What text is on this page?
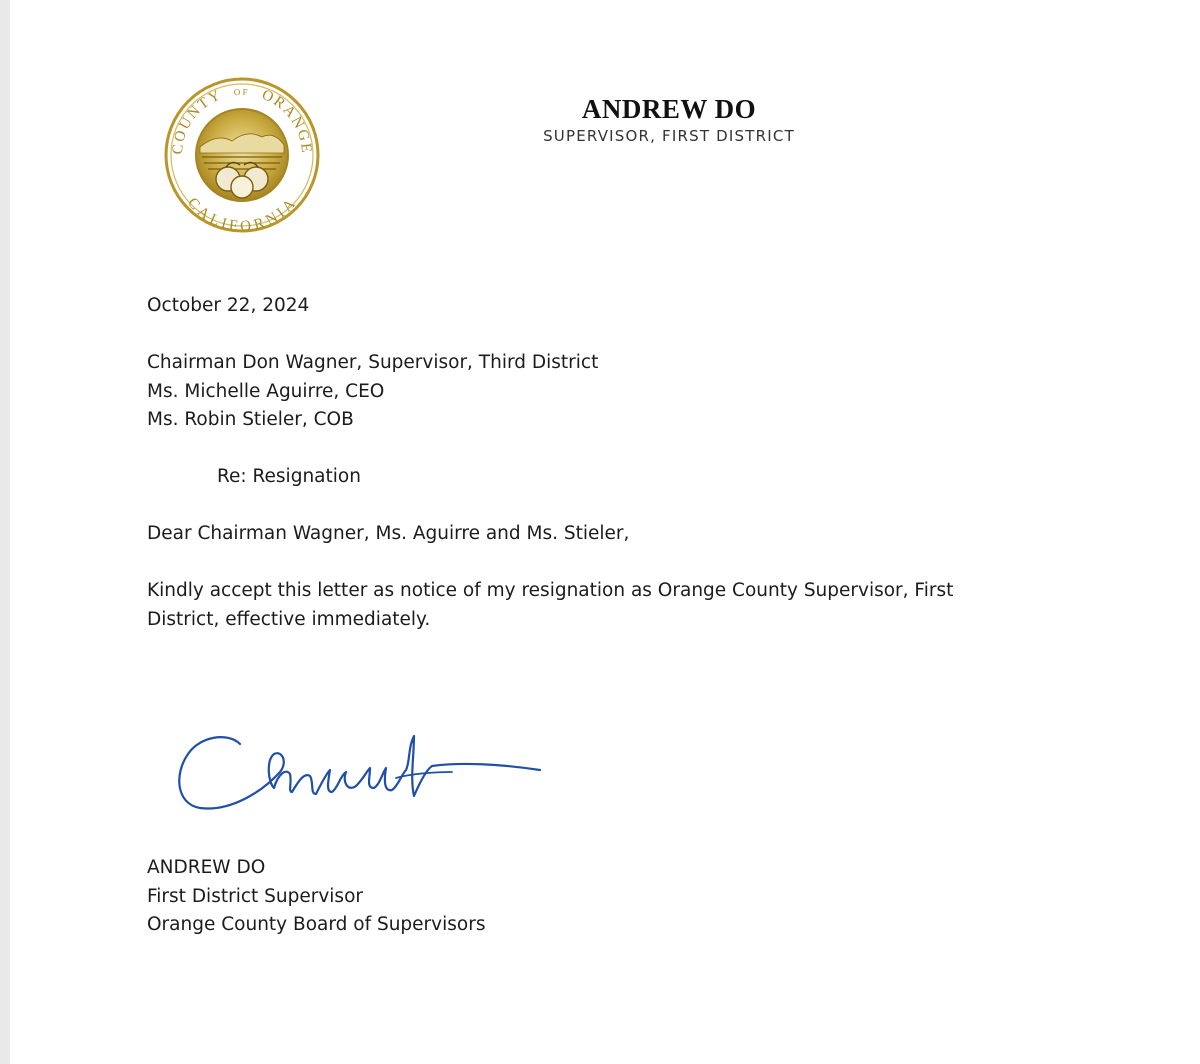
COUNTY OF ORANGE
CALIFORNIA
ANDREW DO
SUPERVISOR, FIRST DISTRICT
October 22, 2024
Chairman Don Wagner, Supervisor, Third District
Ms. Michelle Aguirre, CEO
Ms. Robin Stieler, COB
Re: Resignation
Dear Chairman Wagner, Ms. Aguirre and Ms. Stieler,
Kindly accept this letter as notice of my resignation as Orange County Supervisor, First
District, effective immediately.
ANDREW DO
First District Supervisor
Orange County Board of Supervisors
